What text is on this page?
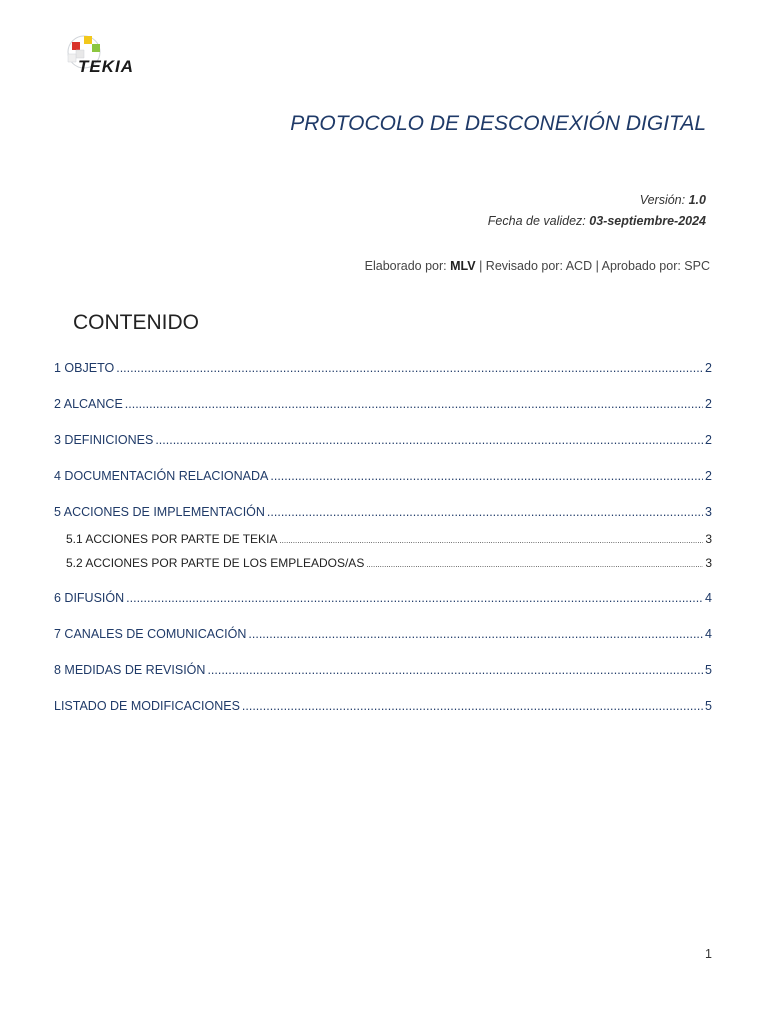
TEKIA
PROTOCOLO DE DESCONEXIÓN DIGITAL
Versión: 1.0
Fecha de validez: 03-septiembre-2024
Elaborado por: MLV | Revisado por: ACD | Aprobado por: SPC
CONTENIDO
1 OBJETO .....	2
2 ALCANCE .....	2
3 DEFINICIONES .....	2
4 DOCUMENTACIÓN RELACIONADA .....	2
5 ACCIONES DE IMPLEMENTACIÓN .....	3
5.1 ACCIONES POR PARTE DE TEKIA .....	3
5.2 ACCIONES POR PARTE DE LOS EMPLEADOS/AS .....	3
6 DIFUSIÓN .....	4
7 CANALES DE COMUNICACIÓN .....	4
8 MEDIDAS DE REVISIÓN .....	5
LISTADO DE MODIFICACIONES .....	5
1
